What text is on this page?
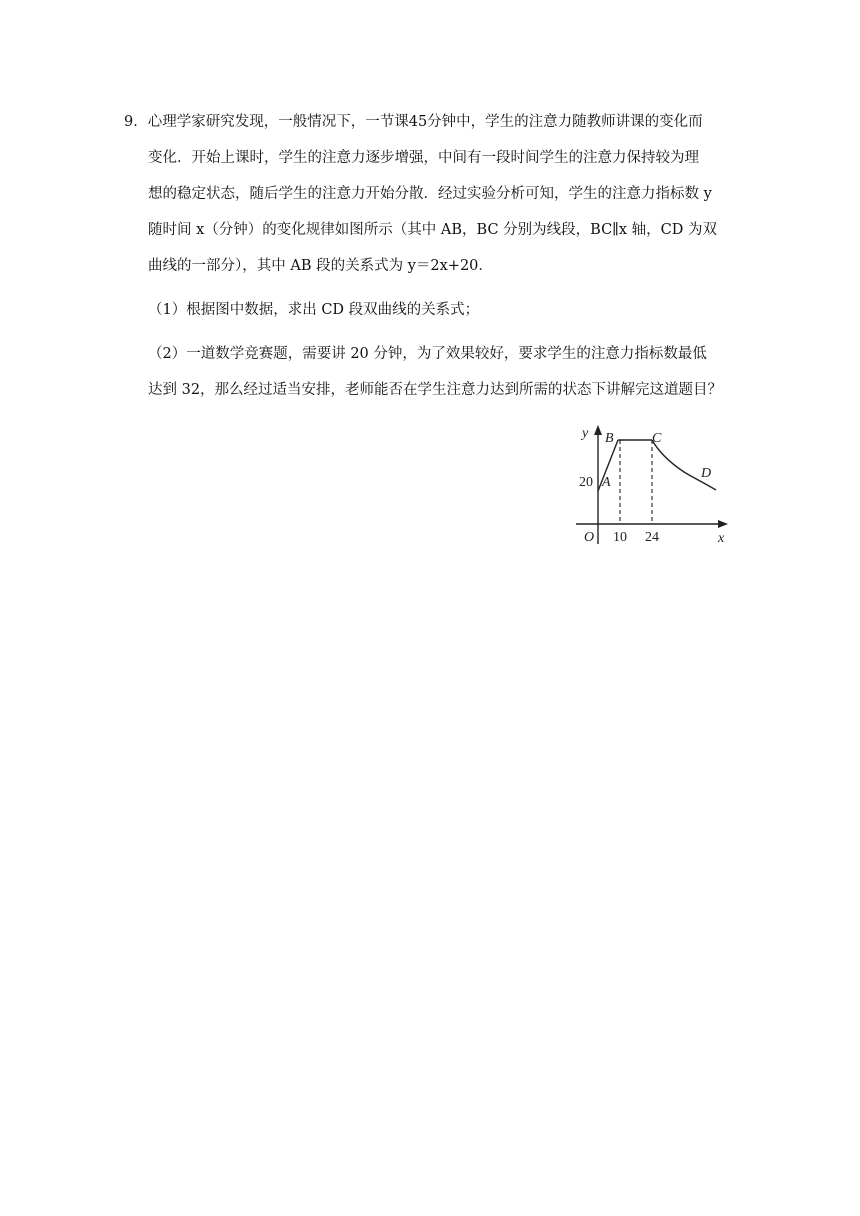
9．心理学家研究发现，一般情况下，一节课45分钟中，学生的注意力随教师讲课的变化而
变化．开始上课时，学生的注意力逐步增强，中间有一段时间学生的注意力保持较为理
想的稳定状态，随后学生的注意力开始分散．经过实验分析可知，学生的注意力指标数 y
随时间 x（分钟）的变化规律如图所示（其中 AB，BC 分别为线段，BC∥x 轴，CD 为双
曲线的一部分），其中 AB 段的关系式为 y＝2x+20．
（1）根据图中数据，求出 CD 段双曲线的关系式；
（2）一道数学竞赛题，需要讲 20 分钟，为了效果较好，要求学生的注意力指标数最低
达到 32，那么经过适当安排，老师能否在学生注意力达到所需的状态下讲解完这道题目？
y
x
O
20
10 24
A
B	C
D
